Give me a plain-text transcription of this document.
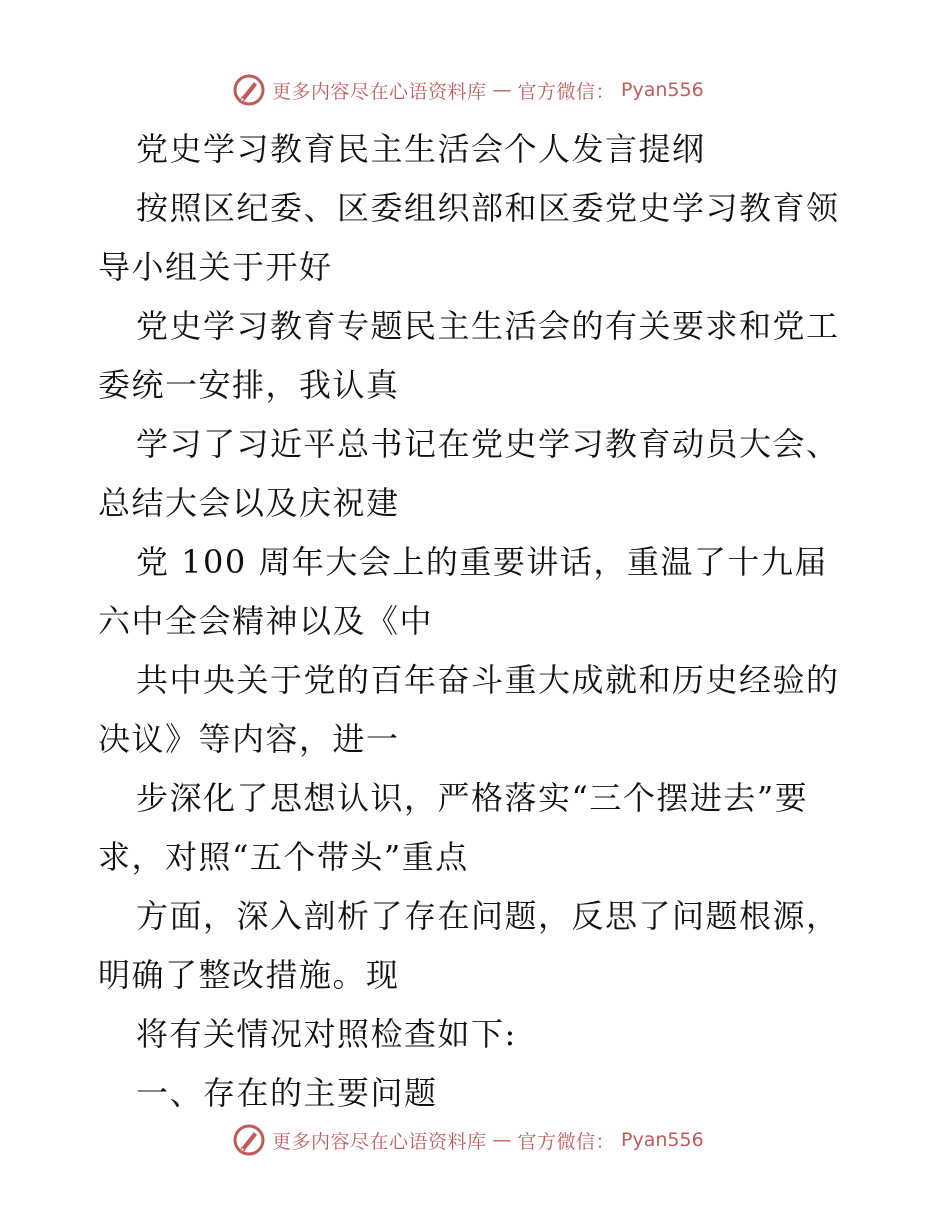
更多内容尽在心语资料库 — 官方微信： Pyan556
党史学习教育民主生活会个人发言提纲
按照区纪委、区委组织部和区委党史学习教育领
导小组关于开好
党史学习教育专题民主生活会的有关要求和党工
委统一安排，我认真
学习了习近平总书记在党史学习教育动员大会、
总结大会以及庆祝建
党 100 周年大会上的重要讲话，重温了十九届
六中全会精神以及《中
共中央关于党的百年奋斗重大成就和历史经验的
决议》等内容，进一
步深化了思想认识，严格落实“三个摆进去”要
求，对照“五个带头”重点
方面，深入剖析了存在问题，反思了问题根源，
明确了整改措施。现
将有关情况对照检查如下:
一、存在的主要问题
更多内容尽在心语资料库 — 官方微信： Pyan556
